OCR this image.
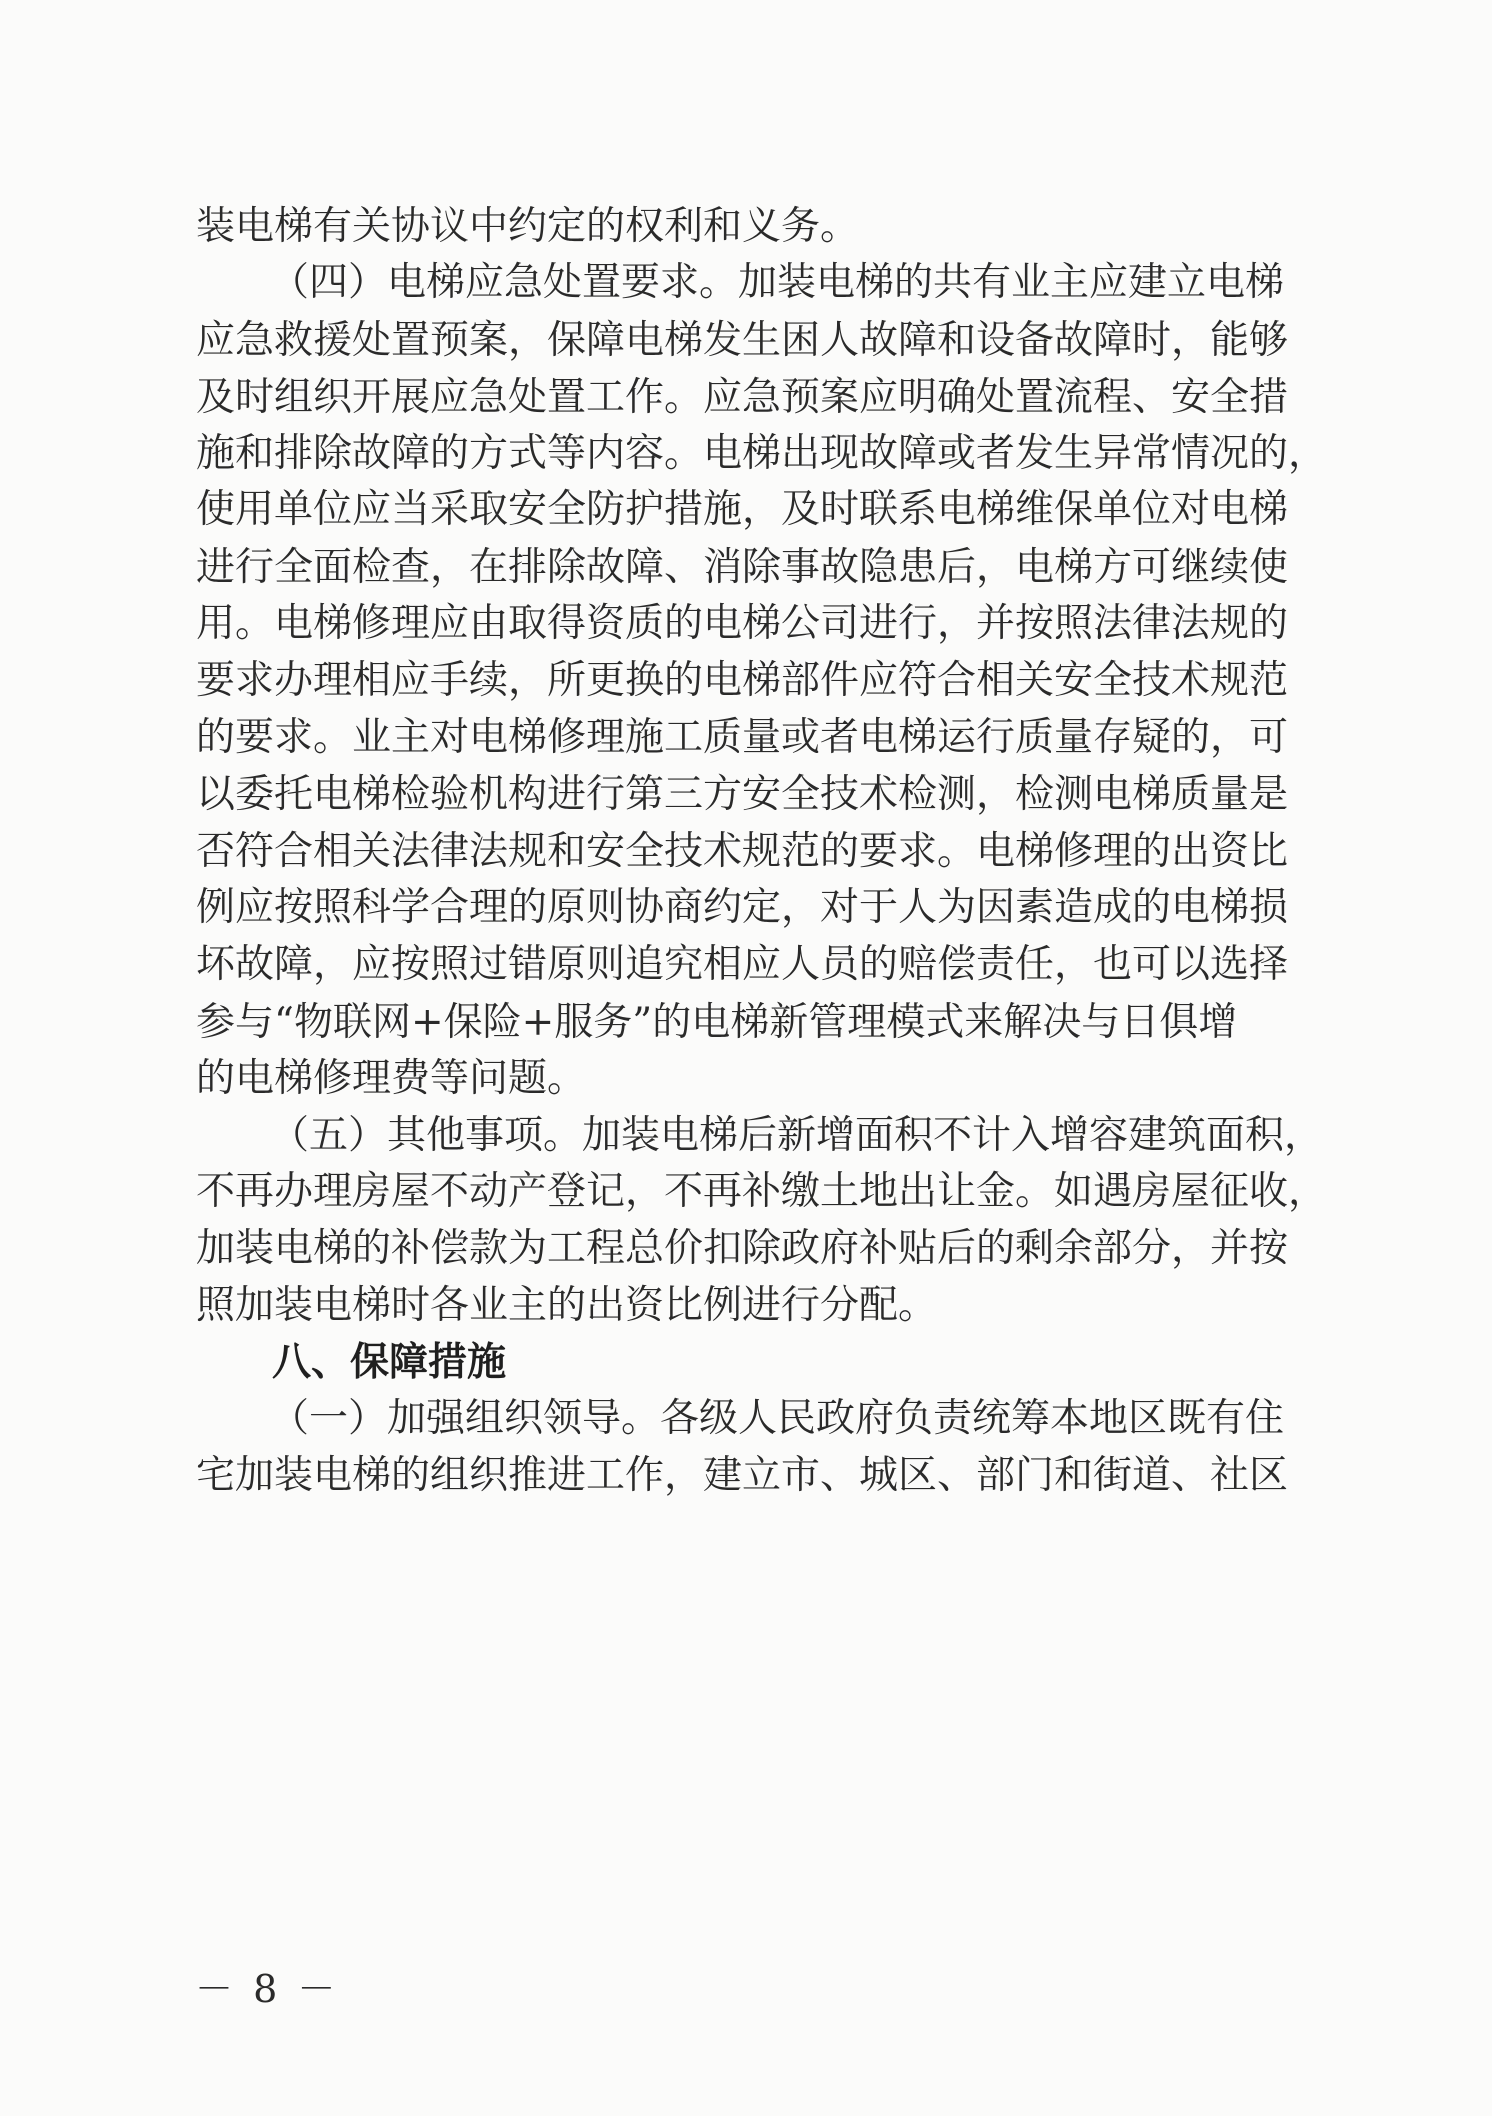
装电梯有关协议中约定的权利和义务。
（四）电梯应急处置要求。加装电梯的共有业主应建立电梯
应急救援处置预案，保障电梯发生困人故障和设备故障时，能够
及时组织开展应急处置工作。应急预案应明确处置流程、安全措
施和排除故障的方式等内容。电梯出现故障或者发生异常情况的，
使用单位应当采取安全防护措施，及时联系电梯维保单位对电梯
进行全面检查，在排除故障、消除事故隐患后，电梯方可继续使
用。电梯修理应由取得资质的电梯公司进行，并按照法律法规的
要求办理相应手续，所更换的电梯部件应符合相关安全技术规范
的要求。业主对电梯修理施工质量或者电梯运行质量存疑的，可
以委托电梯检验机构进行第三方安全技术检测，检测电梯质量是
否符合相关法律法规和安全技术规范的要求。电梯修理的出资比
例应按照科学合理的原则协商约定，对于人为因素造成的电梯损
坏故障，应按照过错原则追究相应人员的赔偿责任，也可以选择
参与“物联网+保险+服务”的电梯新管理模式来解决与日俱增
的电梯修理费等问题。
（五）其他事项。加装电梯后新增面积不计入增容建筑面积，
不再办理房屋不动产登记，不再补缴土地出让金。如遇房屋征收，
加装电梯的补偿款为工程总价扣除政府补贴后的剩余部分，并按
照加装电梯时各业主的出资比例进行分配。
八、保障措施
（一）加强组织领导。各级人民政府负责统筹本地区既有住
宅加装电梯的组织推进工作，建立市、城区、部门和街道、社区
－ 8 －
